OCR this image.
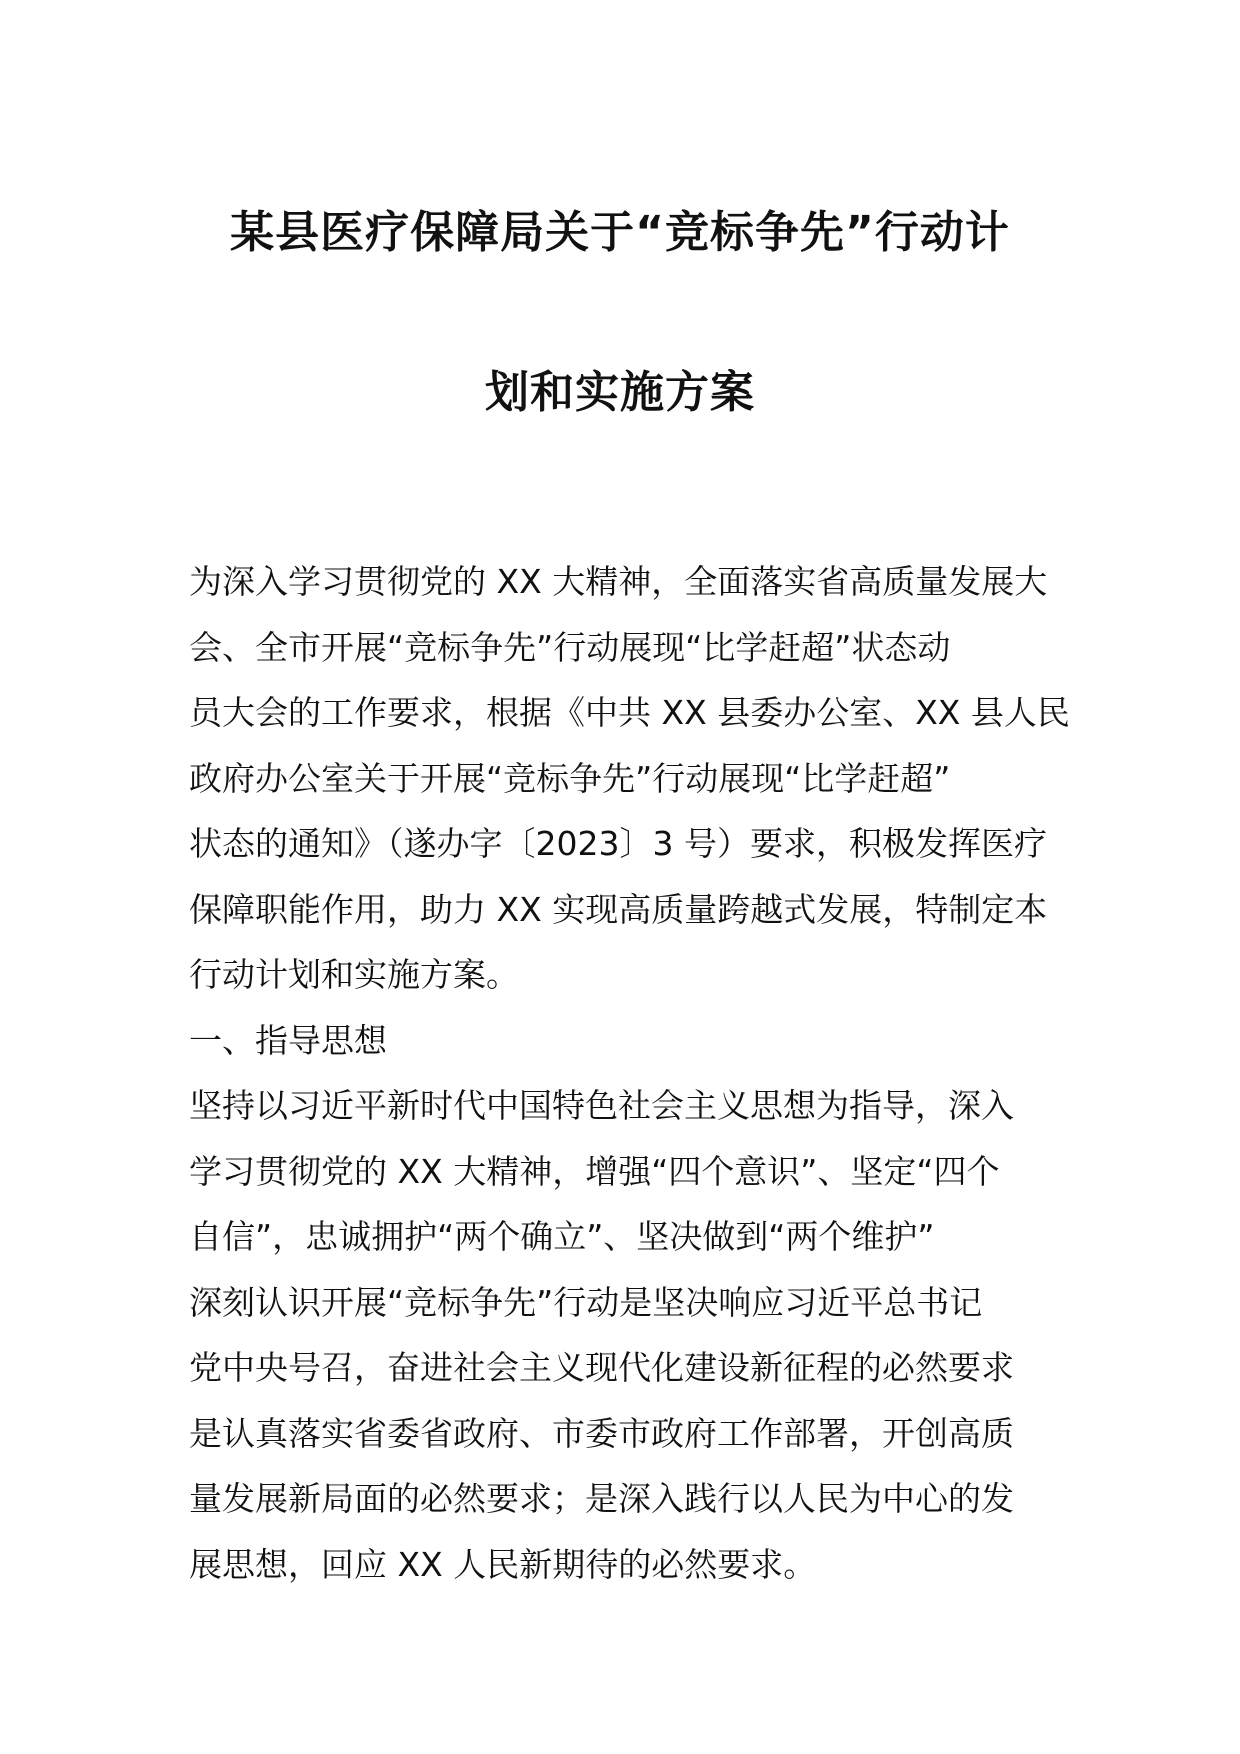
某县医疗保障局关于“竞标争先”行动计
划和实施方案
为深入学习贯彻党的 XX 大精神，全面落实省高质量发展大
会、全市开展“竞标争先”行动展现“比学赶超”状态动
员大会的工作要求，根据《中共 XX 县委办公室、XX 县人民
政府办公室关于开展“竞标争先”行动展现“比学赶超”
状态的通知》（遂办字〔2023〕3 号）要求，积极发挥医疗
保障职能作用，助力 XX 实现高质量跨越式发展，特制定本
行动计划和实施方案。
一、指导思想
坚持以习近平新时代中国特色社会主义思想为指导，深入
学习贯彻党的 XX 大精神，增强“四个意识”、坚定“四个
自信”，忠诚拥护“两个确立”、坚决做到“两个维护”
深刻认识开展“竞标争先”行动是坚决响应习近平总书记
党中央号召，奋进社会主义现代化建设新征程的必然要求
是认真落实省委省政府、市委市政府工作部署，开创高质
量发展新局面的必然要求；是深入践行以人民为中心的发
展思想，回应 XX 人民新期待的必然要求。
